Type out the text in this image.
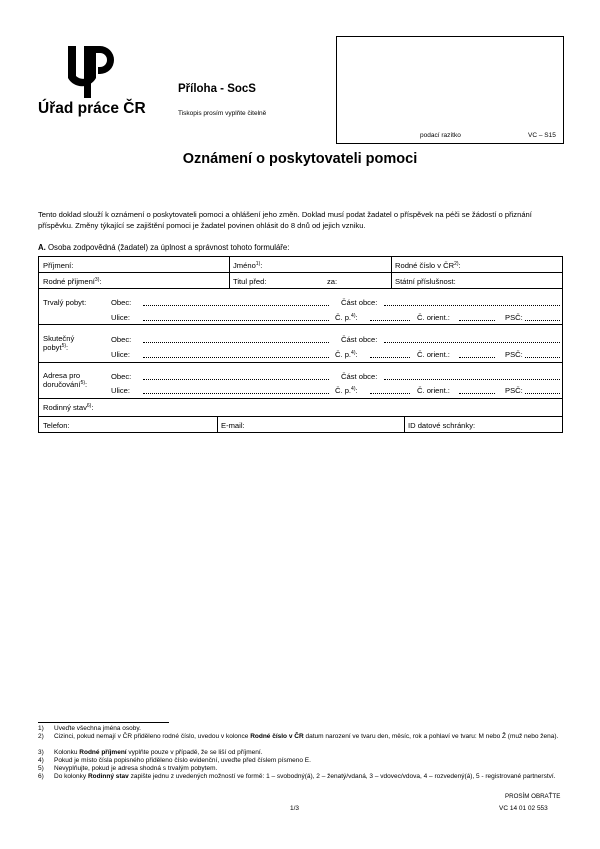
Úřad práce ČR
Příloha - SocS
Tiskopis prosím vyplňte čitelně
podací razítko	VC – S15
Oznámení o poskytovateli pomoci
Tento doklad slouží k oznámení o poskytovateli pomoci a ohlášení jeho změn. Doklad musí podat žadatel o příspěvek na péči se žádostí o přiznání příspěvku. Změny týkající se zajištění pomoci je žadatel povinen ohlásit do 8 dnů od jejich vzniku.
A. Osoba zodpovědná (žadatel) za úplnost a správnost tohoto formuláře:
Příjmení:	Jméno$^{1)}$:	Rodné číslo v ČR$^{2)}$:
Rodné příjmení$^{3)}$:	Titul před:	za:	Státní příslušnost:
Trvalý pobyt:	Obec:	Část obce:
Ulice:	Č. p.$^{4)}$:	Č. orient.:	PSČ:
Skutečný
pobyt$^{5)}$:
Obec:	Část obce:
Ulice:	Č. p.$^{4)}$:	Č. orient.:	PSČ:
Adresa pro
doručování$^{5)}$:
Obec:	Část obce:
Ulice:	Č. p.$^{4)}$:	Č. orient.:	PSČ:
Rodinný stav$^{6)}$:
Telefon:	E-mail:	ID datové schránky:
1) Uveďte všechna jména osoby.
2) Cizinci, pokud nemají v ČR přiděleno rodné číslo, uvedou v kolonce Rodné číslo v ČR datum narození ve tvaru den, měsíc, rok a pohlaví ve tvaru: M nebo Ž (muž nebo žena).
3) Kolonku Rodné příjmení vyplňte pouze v případě, že se liší od příjmení.
4) Pokud je místo čísla popisného přiděleno číslo evidenční, uveďte před číslem písmeno E.
5) Nevyplňujte, pokud je adresa shodná s trvalým pobytem.
6) Do kolonky Rodinný stav zapište jednu z uvedených možností ve formě: 1 – svobodný(á), 2 – ženatý/vdaná, 3 – vdovec/vdova, 4 – rozvedený(á), 5 - registrované partnerství.
PROSÍM OBRAŤTE
1/3	VC 14 01 02 553
